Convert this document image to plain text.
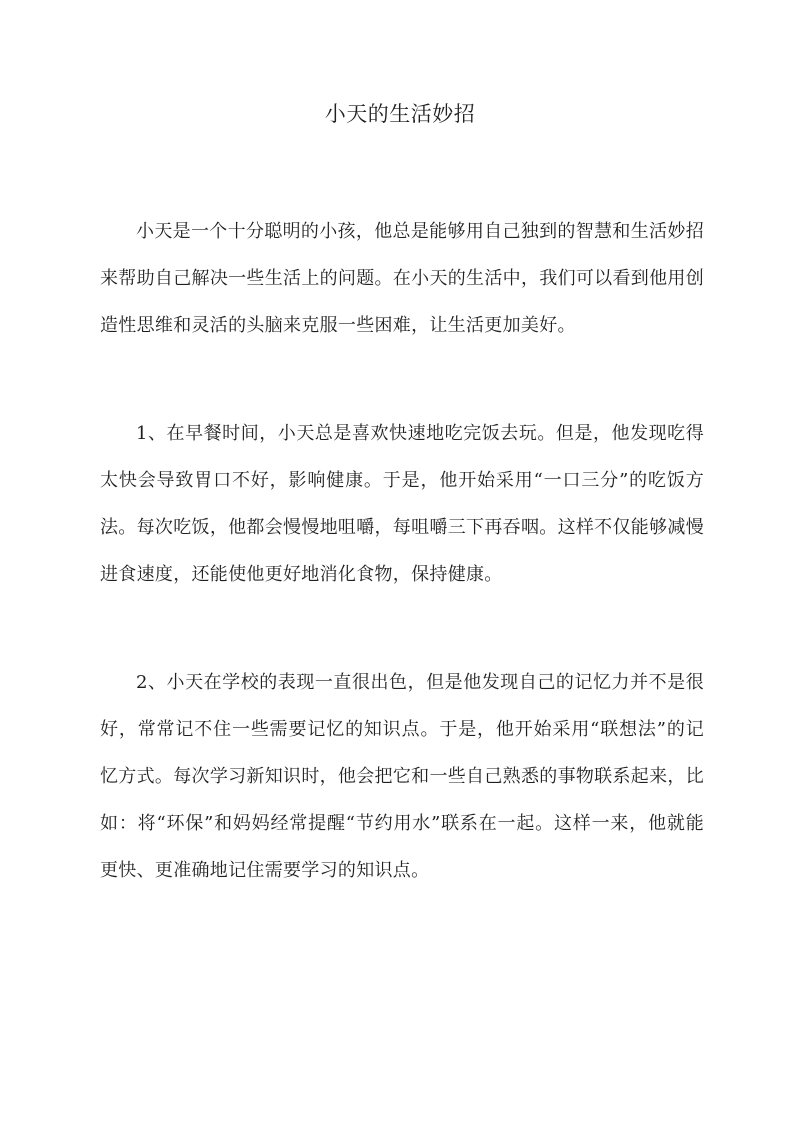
小天的生活妙招

小天是一个十分聪明的小孩，他总是能够用自己独到的智慧和生活妙招来帮助自己解决一些生活上的问题。在小天的生活中，我们可以看到他用创造性思维和灵活的头脑来克服一些困难，让生活更加美好。

1、在早餐时间，小天总是喜欢快速地吃完饭去玩。但是，他发现吃得太快会导致胃口不好，影响健康。于是，他开始采用“一口三分”的吃饭方法。每次吃饭，他都会慢慢地咀嚼，每咀嚼三下再吞咽。这样不仅能够减慢进食速度，还能使他更好地消化食物，保持健康。

2、小天在学校的表现一直很出色，但是他发现自己的记忆力并不是很好，常常记不住一些需要记忆的知识点。于是，他开始采用“联想法”的记忆方式。每次学习新知识时，他会把它和一些自己熟悉的事物联系起来，比如：将“环保”和妈妈经常提醒“节约用水”联系在一起。这样一来，他就能更快、更准确地记住需要学习的知识点。
